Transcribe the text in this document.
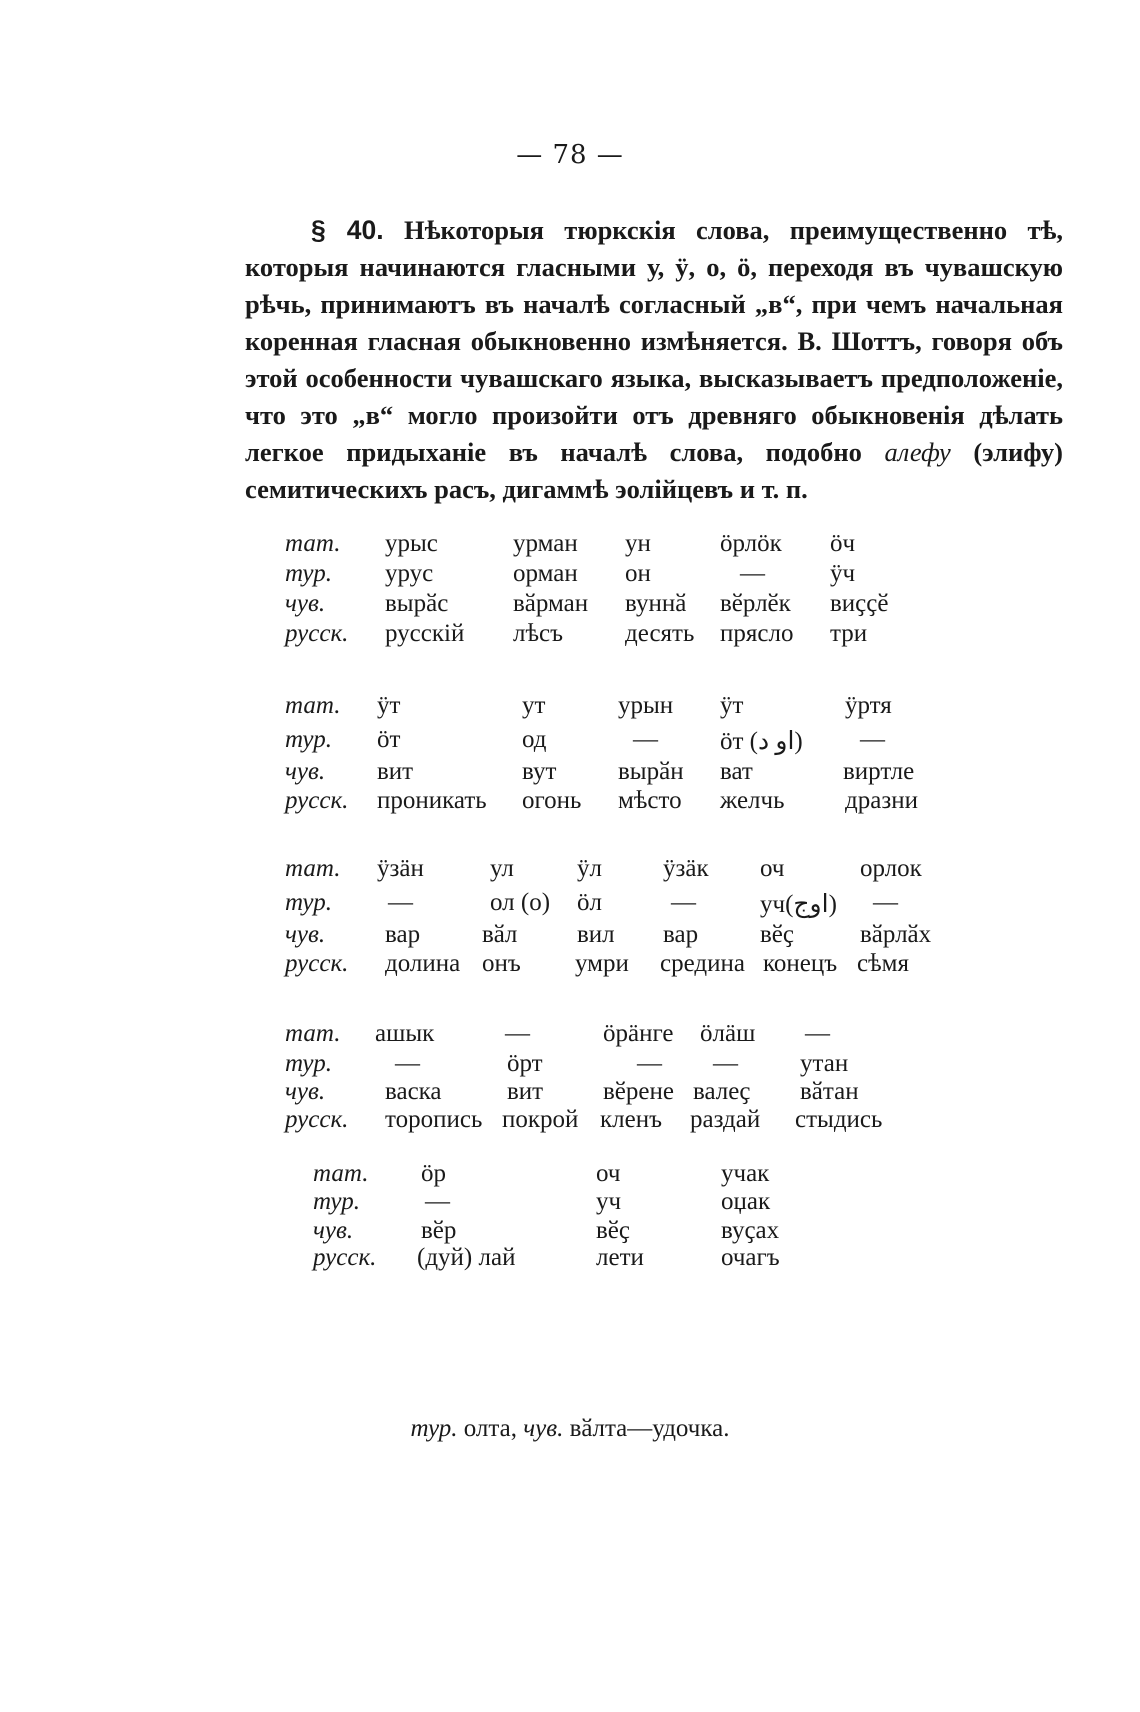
— 78 —
§ 40. Нѣкоторыя тюркскія слова, преимущественно тѣ, которыя начинаются гласными у, ӱ, о, ӧ, переходя въ чувашскую рѣчь, принимаютъ въ началѣ согласный „в“, при чемъ начальная коренная гласная обыкновенно измѣняется. В. Шоттъ, говоря объ этой особенности чувашскаго языка, высказываетъ предположеніе, что это „в“ могло произойти отъ древняго обыкновенія дѣлать легкое придыханіе въ началѣ слова, подобно алефу (элифу) семитическихъ расъ, дигаммѣ эолійцевъ и т. п.
тат. урыс	урман ун	ӧрлӧк ӧч
тур. урус	орман он	—	ӱч
чув. вырӑс	вӑрман вуннӑ вӗрлӗк виҫҫӗ
русск. русскій лѣсъ десять прясло три
тат. ӱт	ут	урын ӱт	ӱртя
тур. ӧт	од	— ӧт (او د) —
чув. вит	вут вырӑн ват	виртле
русск. проникать огонь мѣсто желчь дразни
тат. ӱзӓн	ул	ӱл ӱзӓк оч	орлок
тур. —	ол (о) ӧл	—	уч(اوج) —
чув. вар вӑл вил вар вӗҫ	вӑрлӑх
русск. долина онъ умри средина конецъ сѣмя
тат. ашык	—	ӧрӓнге ӧлӓш —
тур.	—	ӧрт	— — утан
чув. васка	вит вӗрене валеҫ вӑтан
русск. торопись покрой кленъ раздай стыдись
тат. ӧр	оч	учак
тур.	—	уч	оџак
чув.	вӗр	вӗҫ	вуҫах
русск. (дуй) лай	лети	очагъ
тур. олта, чув. вӑлта—удочка.
